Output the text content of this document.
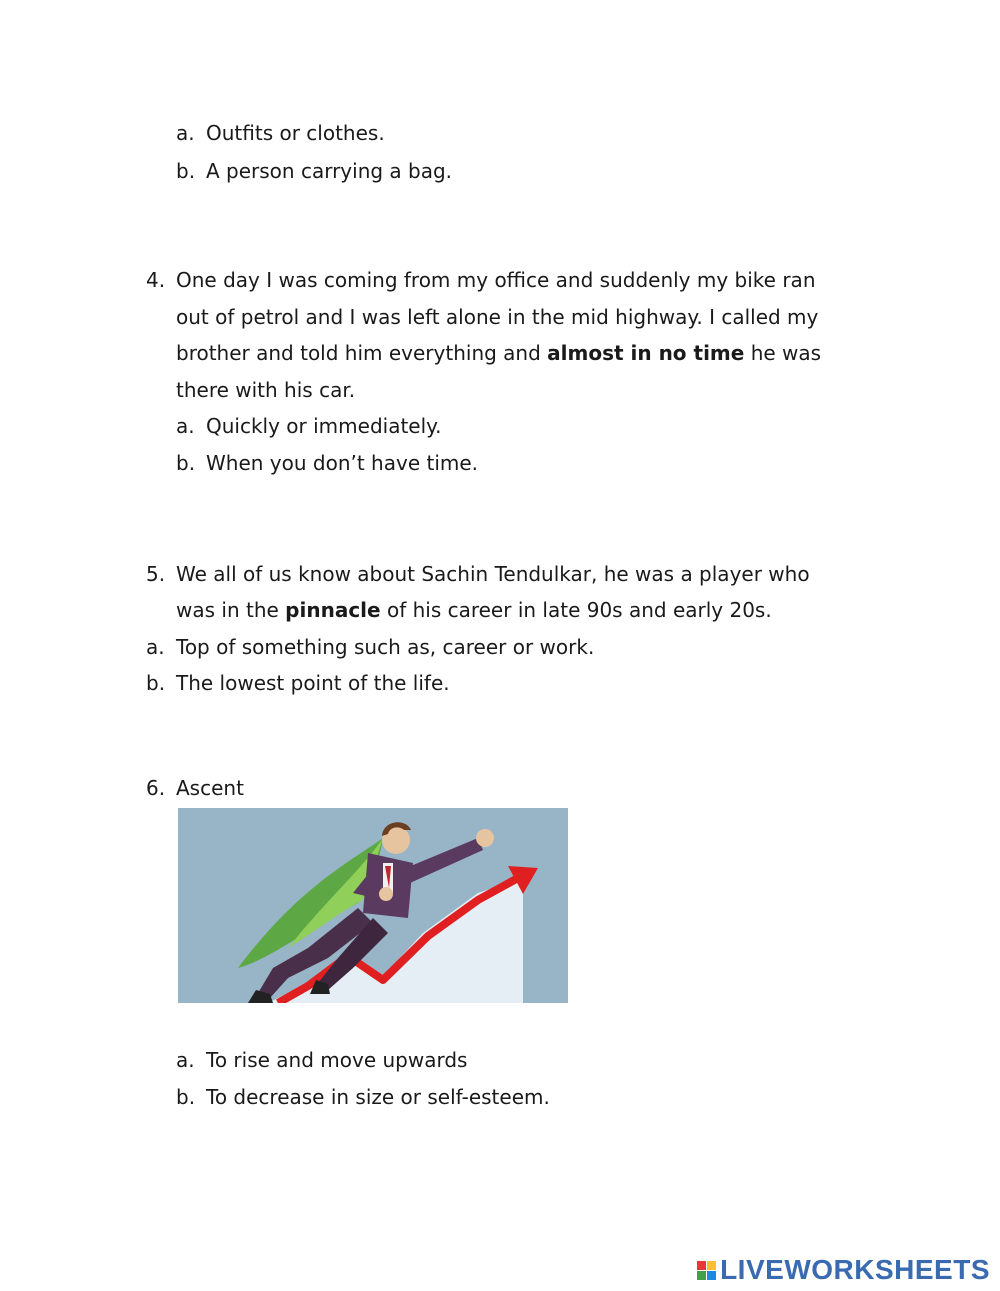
a. Outfits or clothes.
b. A person carrying a bag.
4. One day I was coming from my office and suddenly my bike ran
out of petrol and I was left alone in the mid highway. I called my
brother and told him everything and almost in no time he was
there with his car.
a. Quickly or immediately.
b. When you don’t have time.
5. We all of us know about Sachin Tendulkar, he was a player who
was in the pinnacle of his career in late 90s and early 20s.
a. Top of something such as, career or work.
b. The lowest point of the life.
6. Ascent
a. To rise and move upwards
b. To decrease in size or self-esteem.
LIVEWORKSHEETS
